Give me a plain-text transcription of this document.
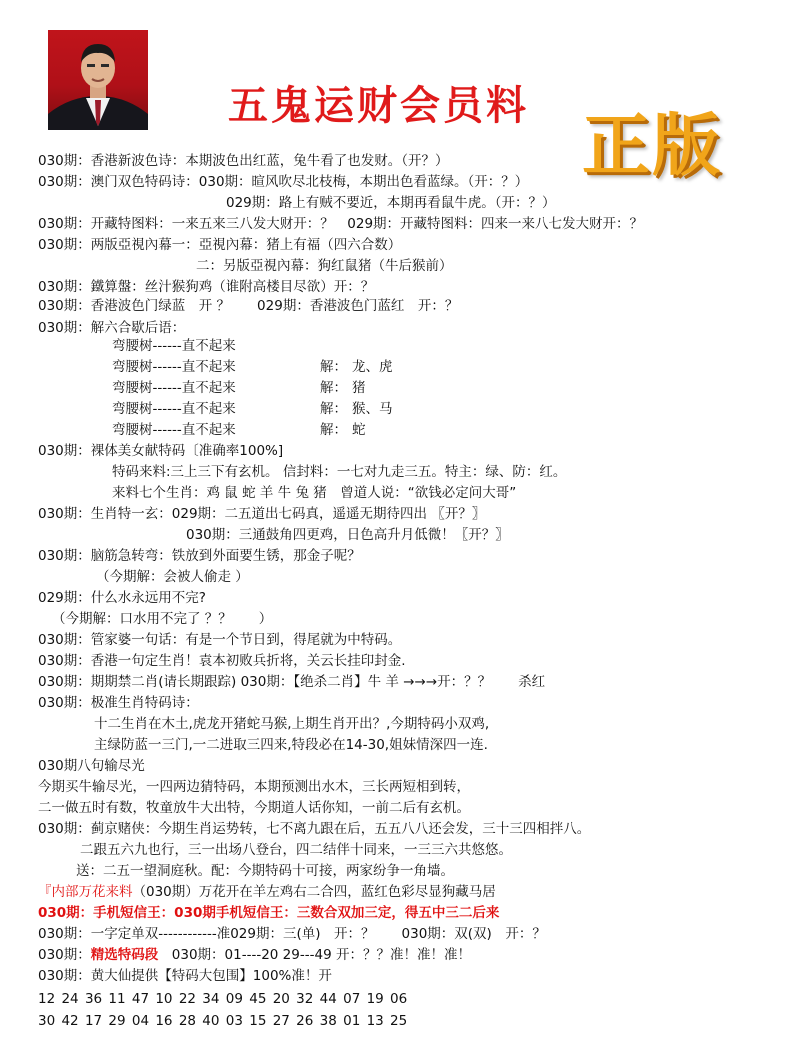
五鬼运财会员料
正版
030期：香港新波色诗：本期波色出红蓝，兔牛看了也发财。（开？）
030期：澳门双色特码诗：030期：暄风吹尽北枝梅，本期出色看蓝绿。（开：？）
029期：路上有贼不要近，本期再看鼠牛虎。（开：？）
030期：开藏特图料：一来五来三八发大财开：？　029期：开藏特图料：四来一来八七发大财开：？
030期：两版亞視內幕一：亞視內幕：猪上有福（四六合数）
二：另版亞視內幕：狗红鼠猪（牛后猴前）
030期：鐵算盤：丝汁猴狗鸡（谁附高楼目尽欲）开：？
030期：香港波色门绿蓝　开 ？　　029期：香港波色门蓝红　开：？
030期：解六合歇后语：
弯腰树------直不起来
弯腰树------直不起来	解： 龙、虎
弯腰树------直不起来	解： 猪
弯腰树------直不起来	解： 猴、马
弯腰树------直不起来	解： 蛇
030期：裸体美女献特码〔准确率100%]
特码来料:三上三下有玄机。 信封料：一七对九走三五。特主：绿、防：红。
来料七个生肖：鸡 鼠 蛇 羊 牛 兔 猪　曾道人说：“欲钱必定问大哥”
030期：生肖特一玄：029期：二五道出七码真，遥遥无期待四出 〖开？〗
030期：三通鼓角四更鸡，日色高升月低微！〖开？〗
030期：脑筋急转弯：铁放到外面要生锈，那金子呢？
（今期解：会被人偷走 ）
029期：什么水永远用不完?
（今期解：口水用不完了 ？？　　）
030期：管家婆一句话：有是一个节日到，得尾就为中特码。
030期：香港一句定生肖！袁本初败兵折将，关云长挂印封金.
030期：期期禁二肖(请长期跟踪) 030期：【绝杀二肖】牛 羊 →→→开：？？　　杀红
030期：极准生肖特码诗：
十二生肖在木土,虎龙开猪蛇马猴,上期生肖开出？,今期特码小双鸡,
主绿防蓝一三门,一二进取三四来,特段必在14-30,姐妹情深四一连.
030期八句输尽光
今期买牛输尽光，一四两边猜特码，本期预测出水木，三长两短相到转，
二一做五时有数，牧童放牛大出特，今期道人话你知，一前二后有玄机。
030期：蓟京赌侠：今期生肖运势转，七不离九跟在后，五五八八还会发，三十三四相拌八。
二跟五六九也行，三一出场八登台，四二结伴十同来，一三三六共悠悠。
送：二五一望洞庭秋。配：今期特码十可接，两家纷争一角墙。
『内部万花来料（030期）万花开在羊左鸡右二合四，蓝红色彩尽显狗藏马居
030期：手机短信王：030期手机短信王：三数合双加三定，得五中三二后来
030期：一字定单双------------准029期：三(单)　开：？　　030期：双(双)　开：？
030期：精选特码段　 030期：01----20 29---49 开：？？准！准！准！
030期：黄大仙提供【特码大包围】100%准！开
12 24 36 11 47 10 22 34 09 45 20 32 44 07 19 06
30 42 17 29 04 16 28 40 03 15 27 26 38 01 13 25
